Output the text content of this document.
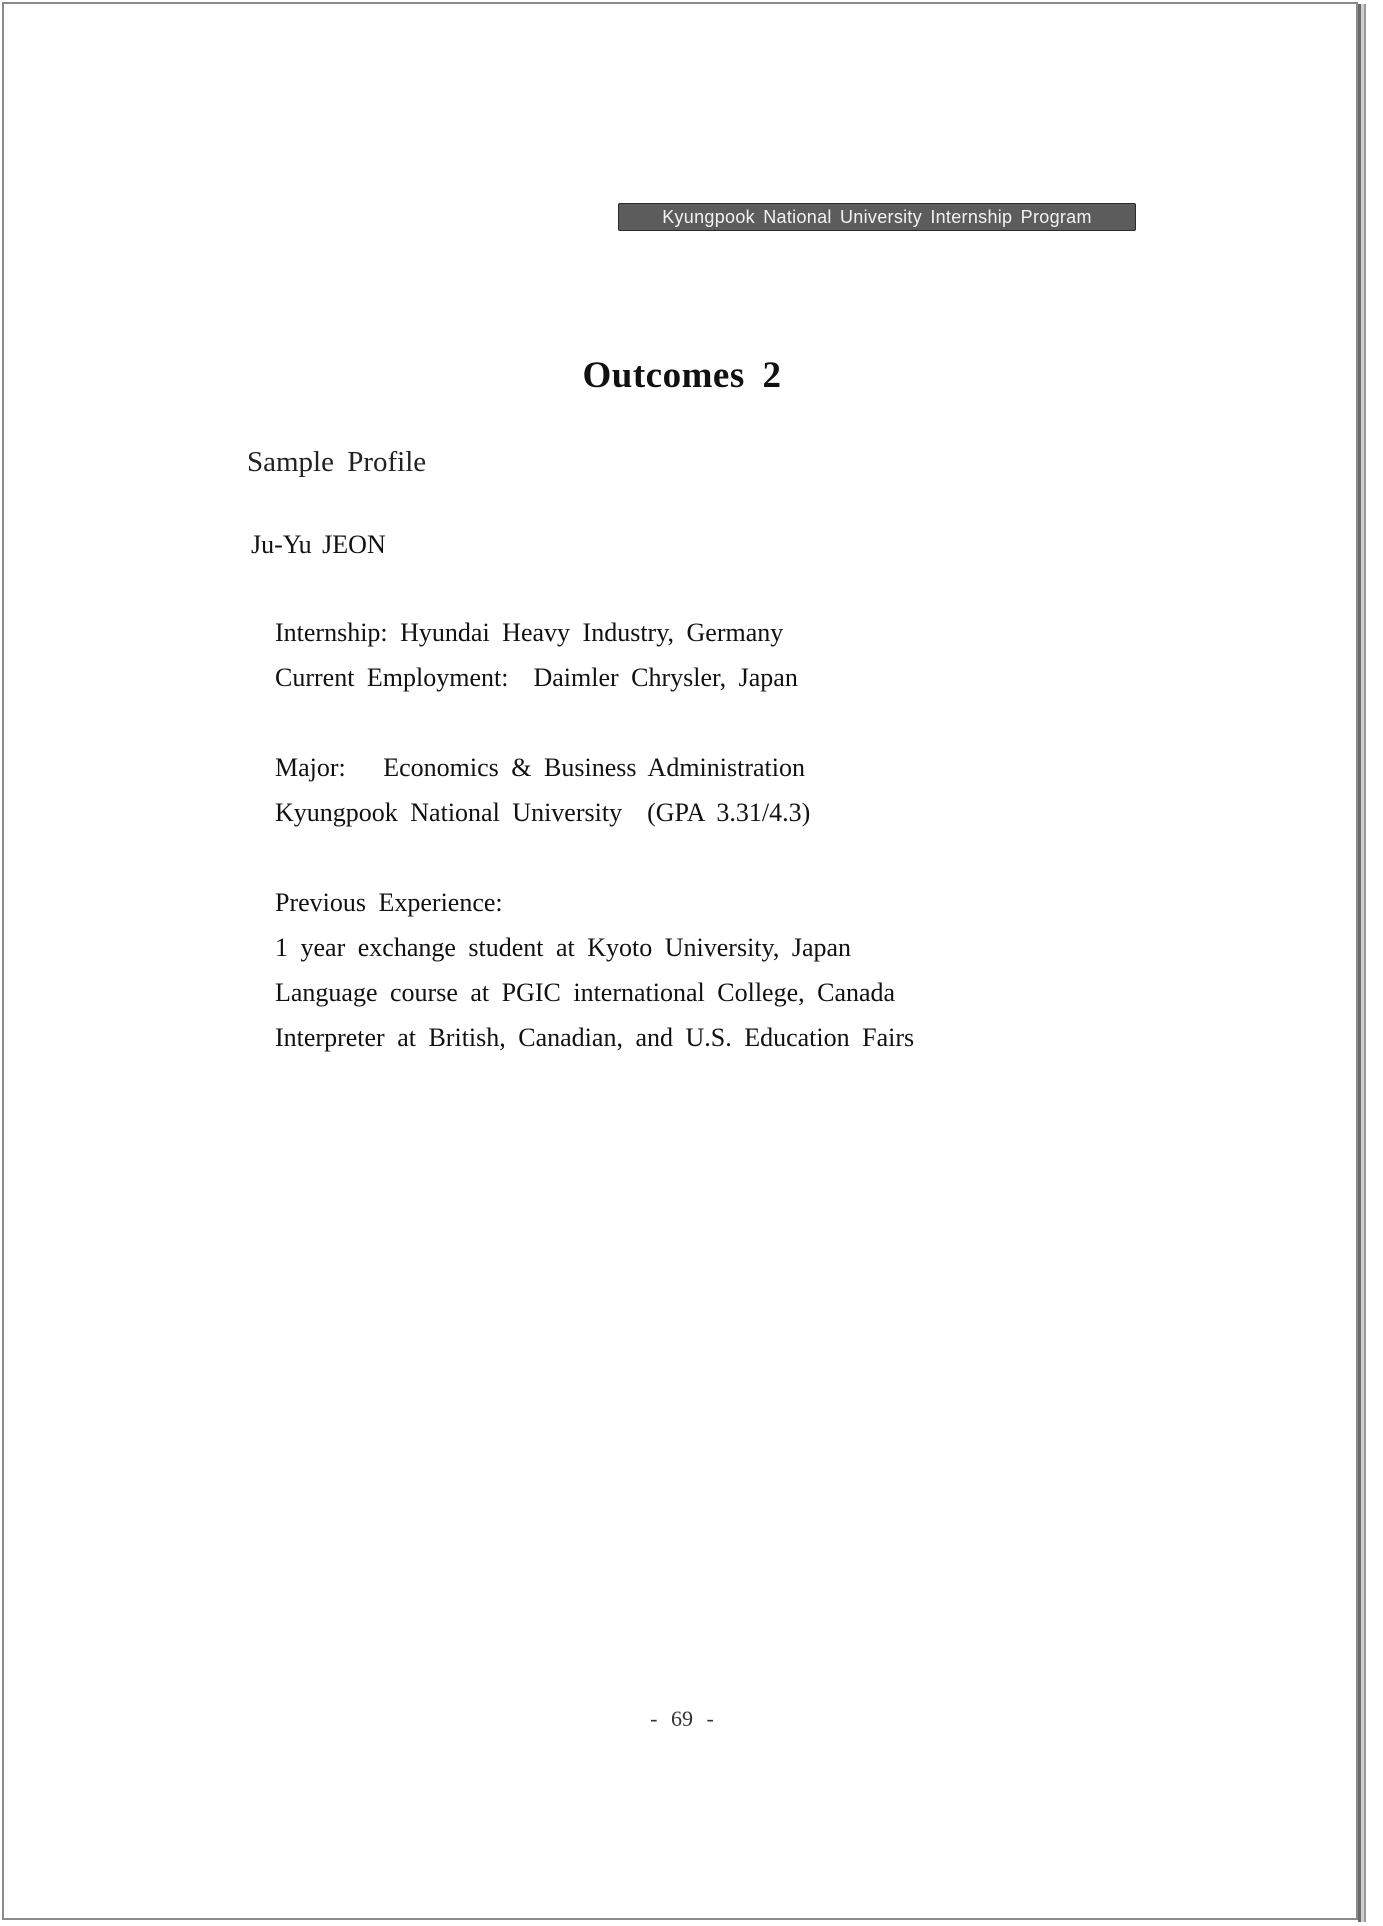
Kyungpook National University Internship Program
Outcomes 2
Sample Profile
Ju-Yu JEON
Internship: Hyundai Heavy Industry, Germany
Current Employment:  Daimler Chrysler, Japan
Major:   Economics & Business Administration
Kyungpook National University  (GPA 3.31/4.3)
Previous Experience:
1 year exchange student at Kyoto University, Japan
Language course at PGIC international College, Canada
Interpreter at British, Canadian, and U.S. Education Fairs
- 69 -
